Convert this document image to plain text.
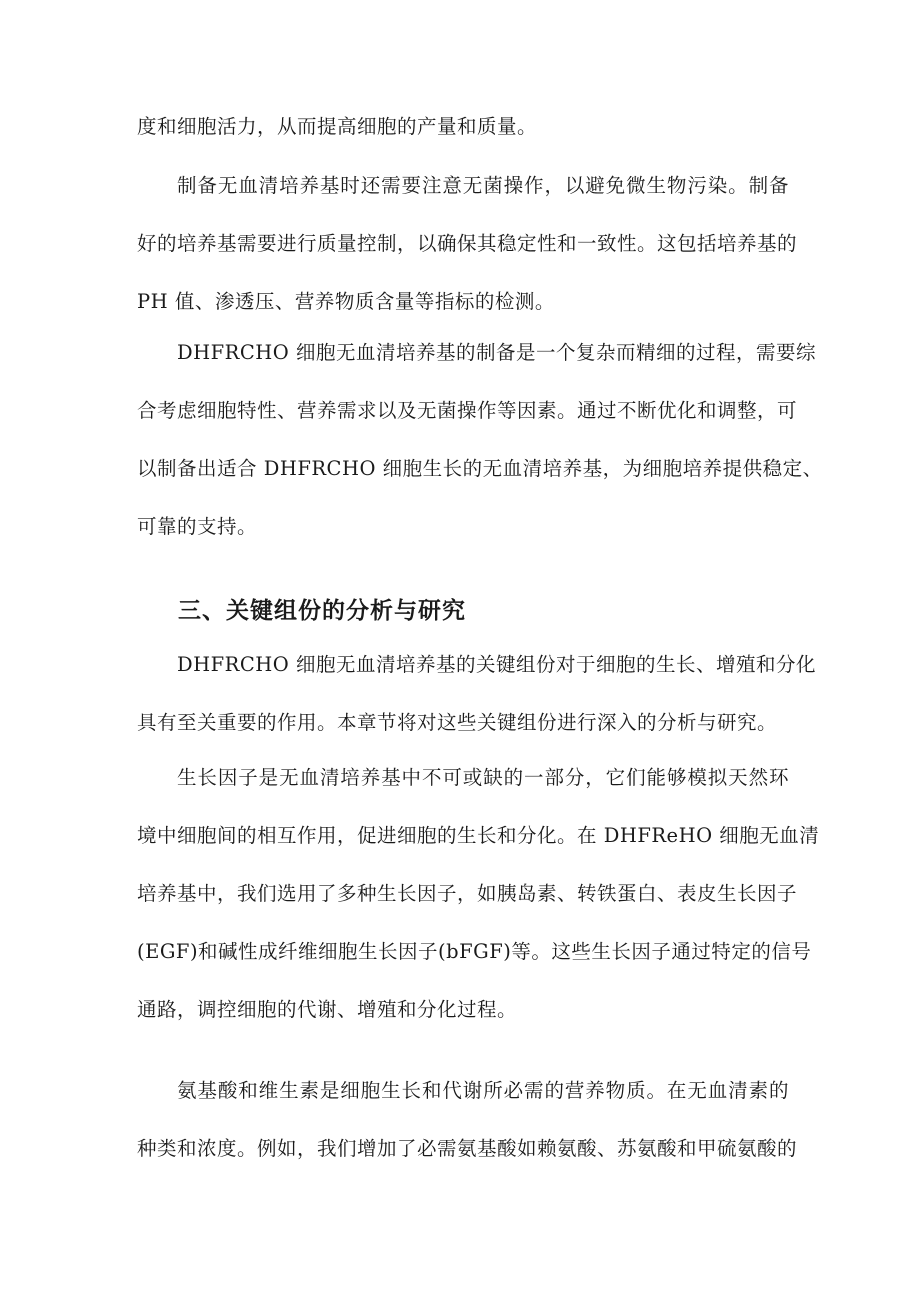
度和细胞活力，从而提高细胞的产量和质量。

制备无血清培养基时还需要注意无菌操作，以避免微生物污染。制备
好的培养基需要进行质量控制，以确保其稳定性和一致性。这包括培养基的
PH 值、渗透压、营养物质含量等指标的检测。

DHFRCHO 细胞无血清培养基的制备是一个复杂而精细的过程，需要综
合考虑细胞特性、营养需求以及无菌操作等因素。通过不断优化和调整，可
以制备出适合 DHFRCHO 细胞生长的无血清培养基，为细胞培养提供稳定、
可靠的支持。

三、关键组份的分析与研究

DHFRCHO 细胞无血清培养基的关键组份对于细胞的生长、增殖和分化
具有至关重要的作用。本章节将对这些关键组份进行深入的分析与研究。

生长因子是无血清培养基中不可或缺的一部分，它们能够模拟天然环
境中细胞间的相互作用，促进细胞的生长和分化。在 DHFReHO 细胞无血清
培养基中，我们选用了多种生长因子，如胰岛素、转铁蛋白、表皮生长因子
(EGF)和碱性成纤维细胞生长因子(bFGF)等。这些生长因子通过特定的信号
通路，调控细胞的代谢、增殖和分化过程。

氨基酸和维生素是细胞生长和代谢所必需的营养物质。在无血清素的
种类和浓度。例如，我们增加了必需氨基酸如赖氨酸、苏氨酸和甲硫氨酸的
